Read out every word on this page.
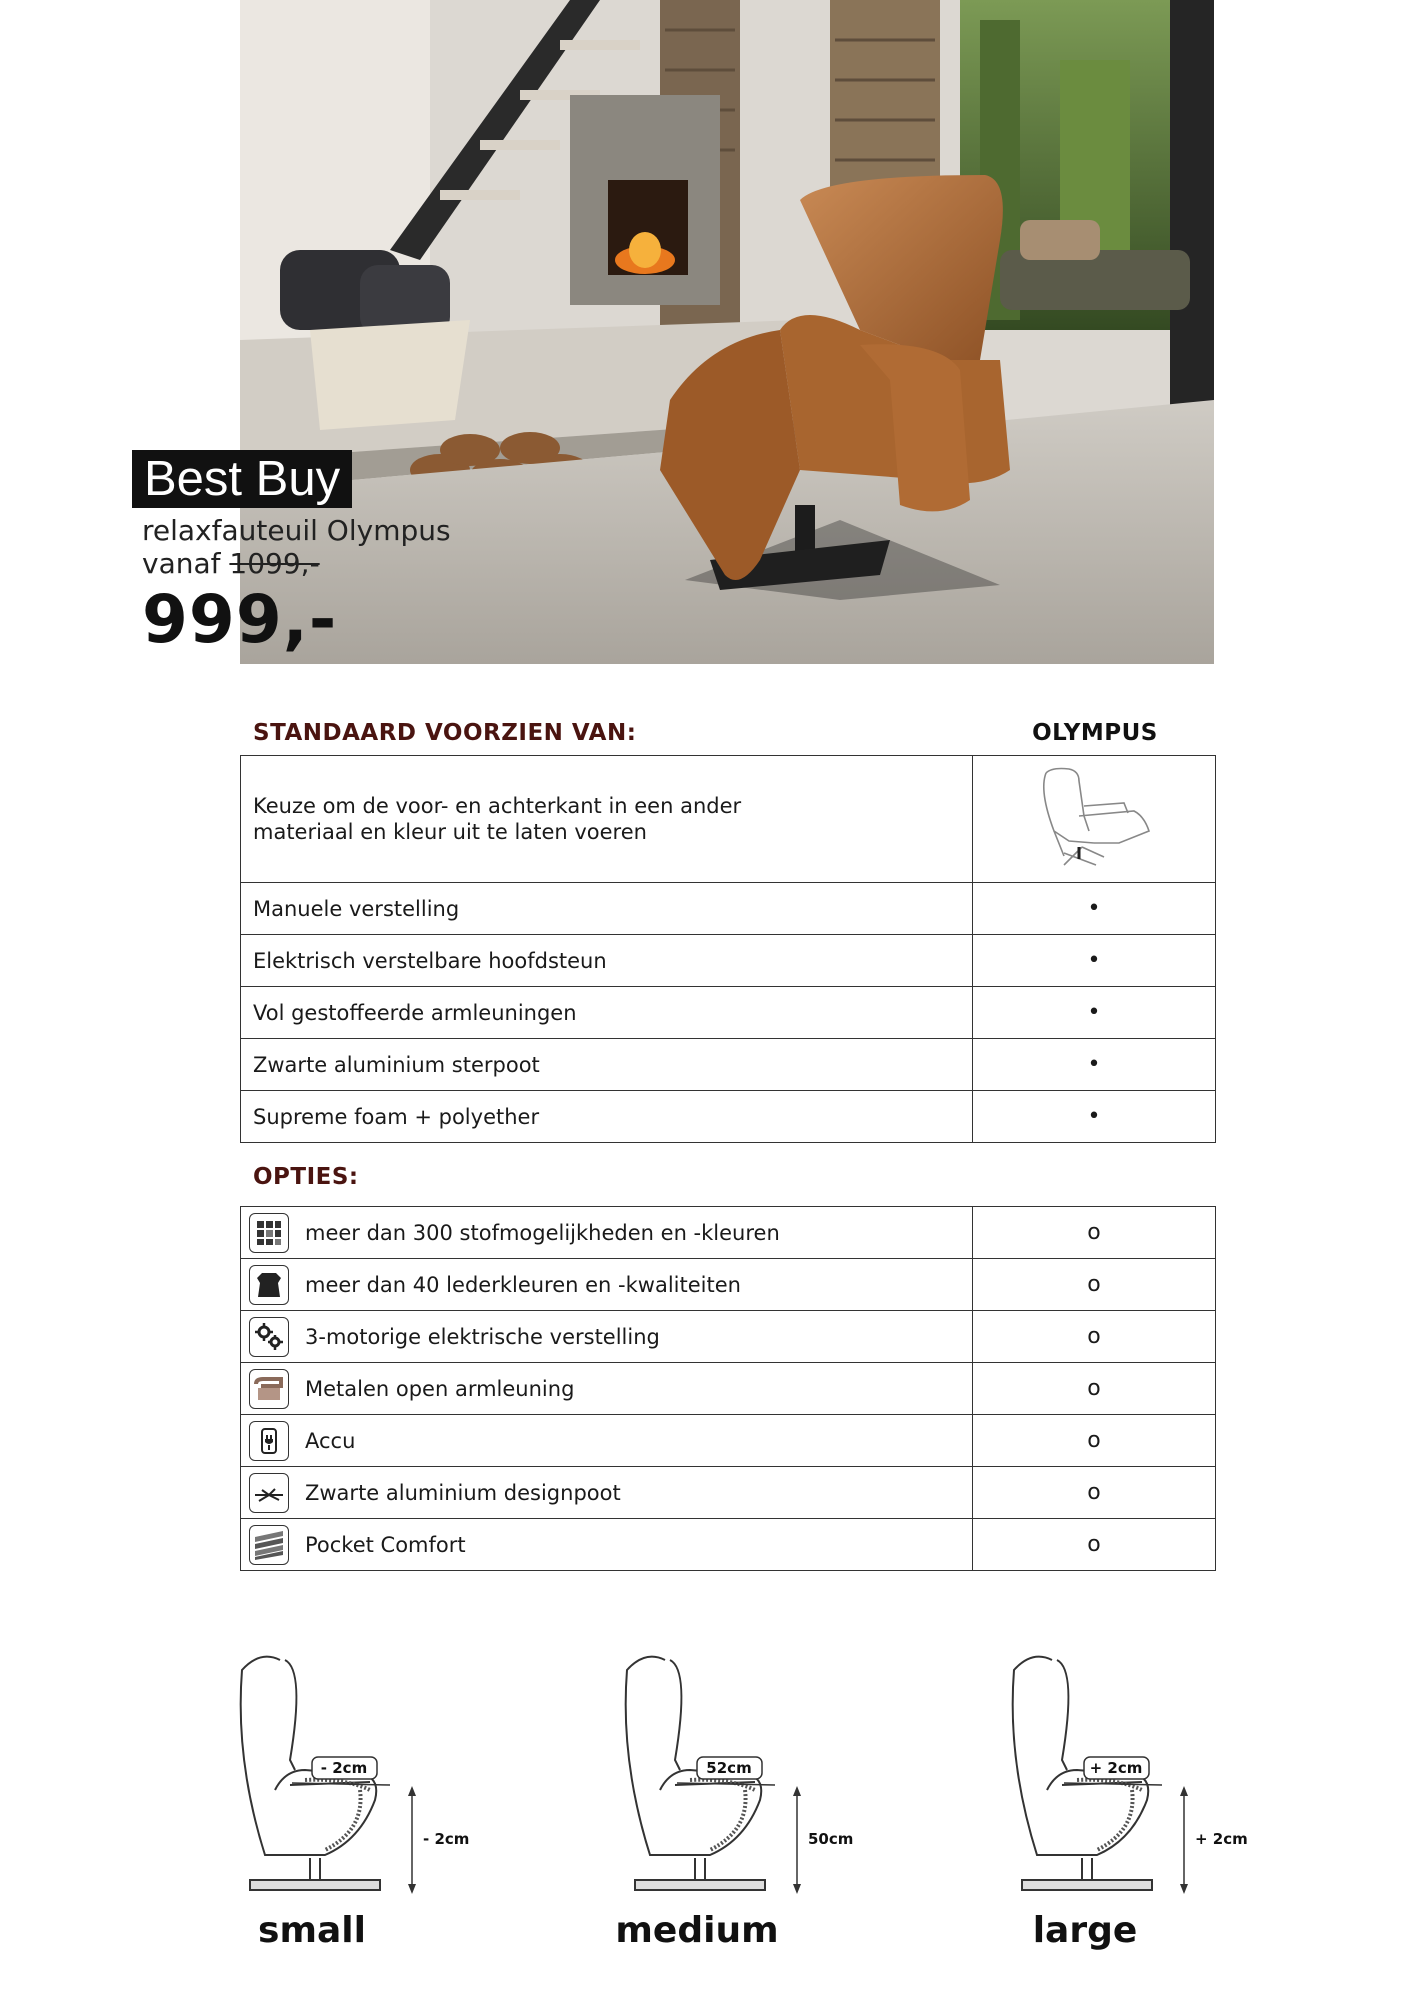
Best Buy
relaxfauteuil Olympus
vanaf 1099,-
999,-
STANDAARD VOORZIEN VAN:	OLYMPUS
Keuze om de voor- en achterkant in een ander materiaal en kleur uit te laten voeren	
Manuele verstelling	•
Elektrisch verstelbare hoofdsteun	•
Vol gestoffeerde armleuningen	•
Zwarte aluminium sterpoot	•
Supreme foam + polyether	•
OPTIES:
meer dan 300 stofmogelijkheden en -kleuren	o

meer dan 40 lederkleuren en -kwaliteiten	o

3-motorige elektrische verstelling	o

Metalen open armleuning	o

Accu	o

Zwarte aluminium designpoot	o

Pocket Comfort	o
- 2cm
- 2cm
small
52cm
50cm
medium
+ 2cm
+ 2cm
large
